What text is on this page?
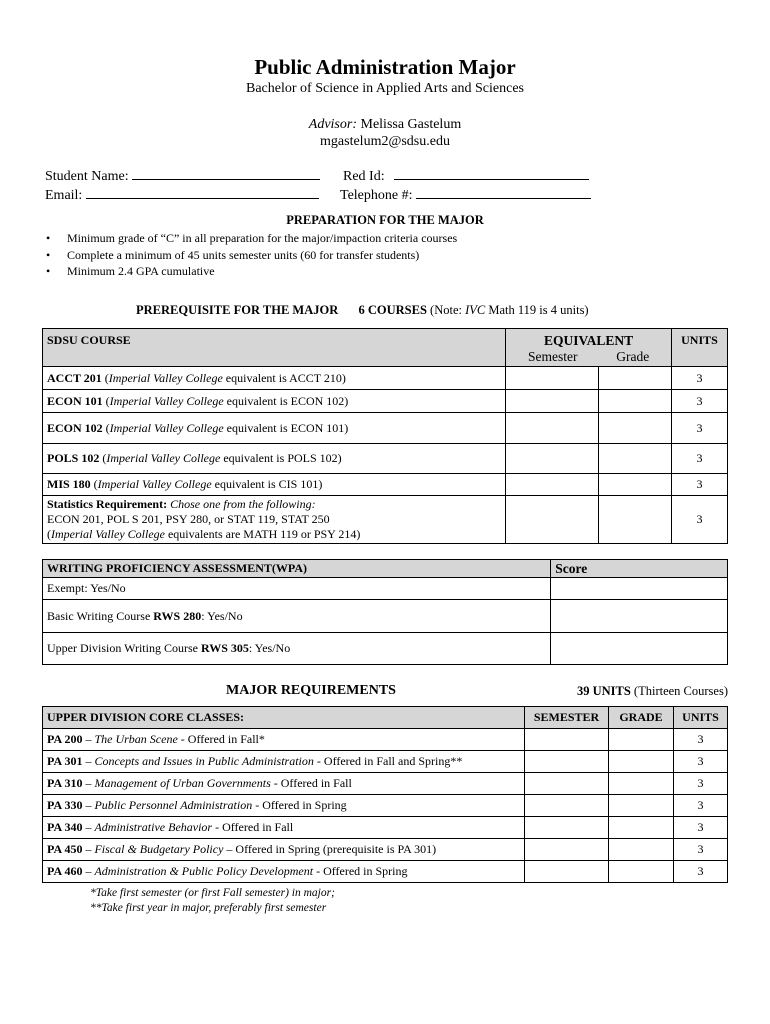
Public Administration Major
Bachelor of Science in Applied Arts and Sciences
Advisor: Melissa Gastelum
mgastelum2@sdsu.edu
Student Name:	Red Id:
Email:	Telephone #:
PREPARATION FOR THE MAJOR
• Minimum grade of “C” in all preparation for the major/impaction criteria courses
• Complete a minimum of 45 units semester units (60 for transfer students)
• Minimum 2.4 GPA cumulative
PREREQUISITE FOR THE MAJOR 6 COURSES (Note: IVC Math 119 is 4 units)
SDSU COURSE	EQUIVALENT
Semester Grade		UNITS
ACCT 201 (Imperial Valley College equivalent is ACCT 210)			3
ECON 101 (Imperial Valley College equivalent is ECON 102)			3
ECON 102 (Imperial Valley College equivalent is ECON 101)			3
POLS 102 (Imperial Valley College equivalent is POLS 102)			3
MIS 180 (Imperial Valley College equivalent is CIS 101)			3
Statistics Requirement: Chose one from the following:
ECON 201, POL S 201, PSY 280, or STAT 119, STAT 250
(Imperial Valley College equivalents are MATH 119 or PSY 214)			3
WRITING PROFICIENCY ASSESSMENT(WPA)	Score
Exempt: Yes/No	
Basic Writing Course RWS 280: Yes/No	
Upper Division Writing Course RWS 305: Yes/No	
MAJOR REQUIREMENTS	39 UNITS (Thirteen Courses)
UPPER DIVISION CORE CLASSES:	SEMESTER	GRADE	UNITS
PA 200 – The Urban Scene - Offered in Fall*			3
PA 301 – Concepts and Issues in Public Administration - Offered in Fall and Spring**			3
PA 310 – Management of Urban Governments - Offered in Fall			3
PA 330 – Public Personnel Administration - Offered in Spring			3
PA 340 – Administrative Behavior - Offered in Fall			3
PA 450 – Fiscal & Budgetary Policy – Offered in Spring (prerequisite is PA 301)			3
PA 460 – Administration & Public Policy Development - Offered in Spring			3
*Take first semester (or first Fall semester) in major;
**Take first year in major, preferably first semester
